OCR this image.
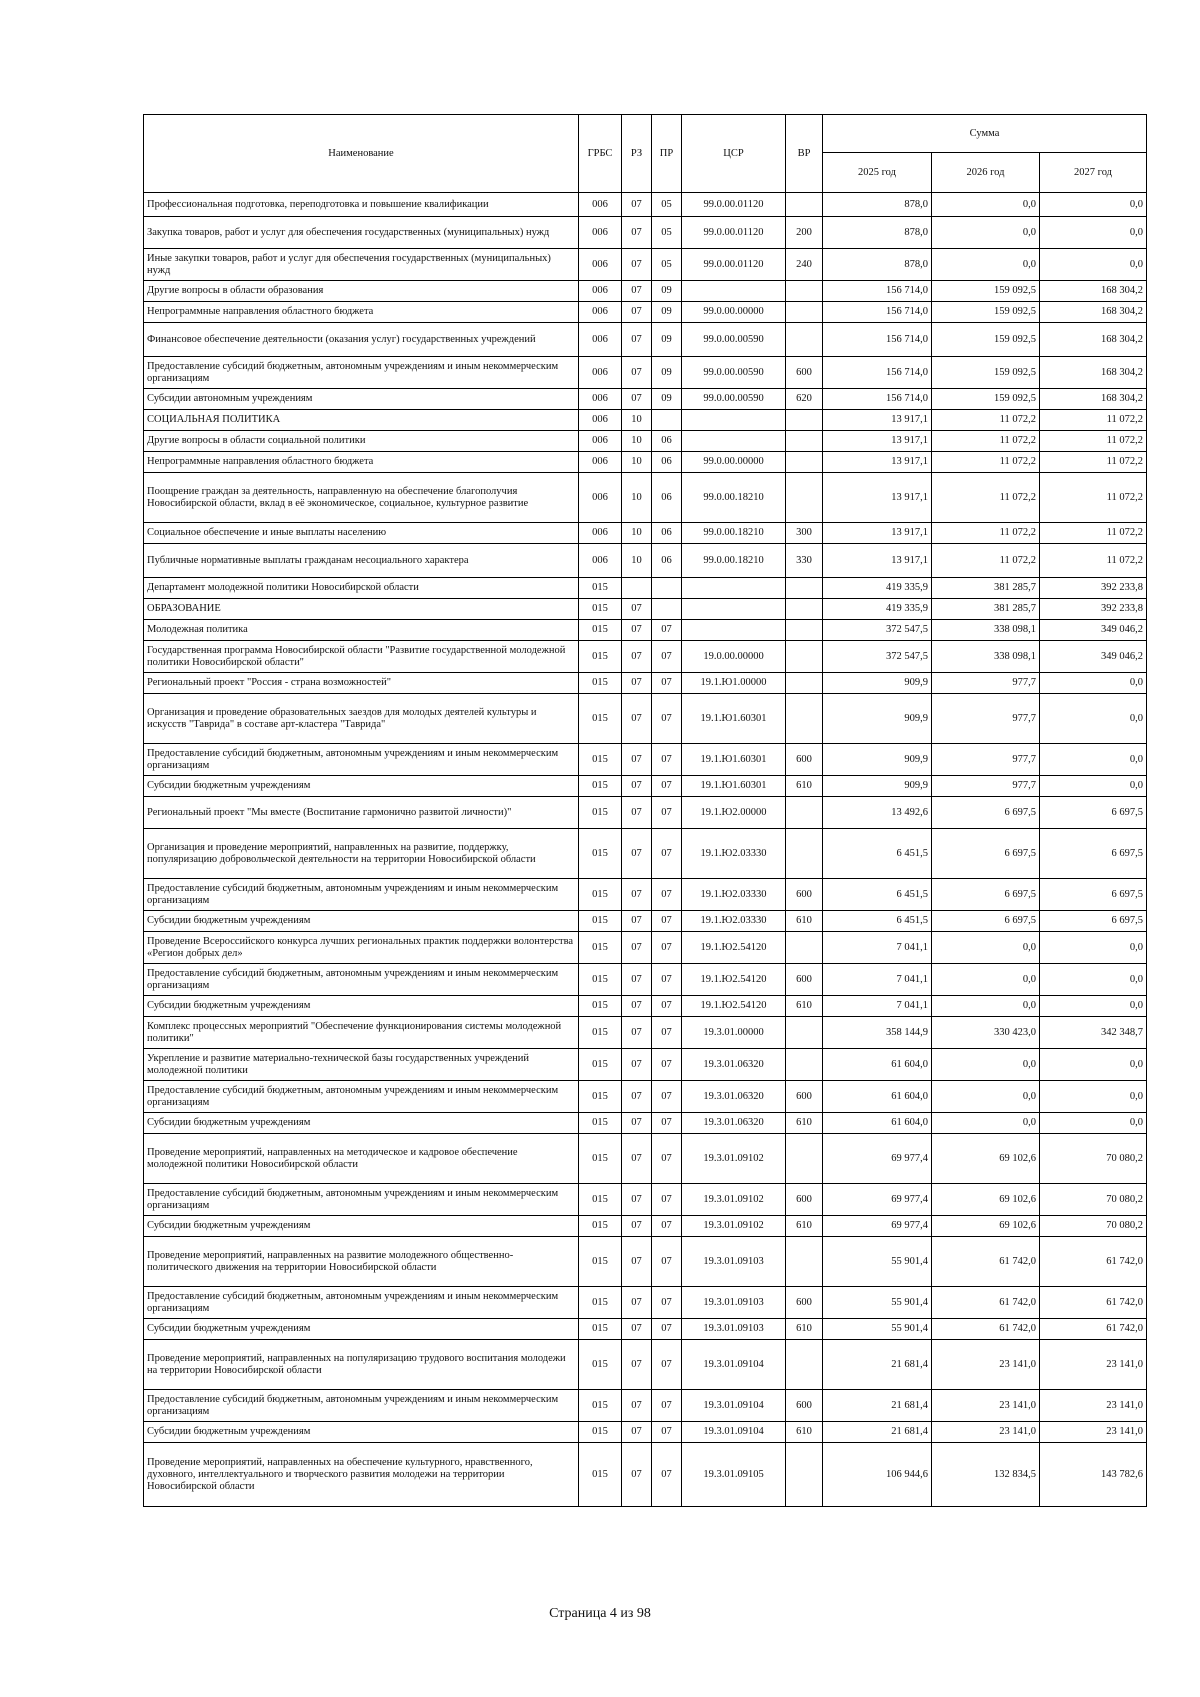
Наименование	ГРБС	РЗ	ПР	ЦСР	ВР	Сумма		
						2025 год	2026 год	2027 год
Профессиональная подготовка, переподготовка и повышение квалификации	006	07	05	99.0.00.01120		878,0	0,0	0,0
Закупка товаров, работ и услуг для обеспечения государственных (муниципальных) нужд	006	07	05	99.0.00.01120	200	878,0	0,0	0,0
Иные закупки товаров, работ и услуг для обеспечения государственных (муниципальных) нужд	006	07	05	99.0.00.01120	240	878,0	0,0	0,0
Другие вопросы в области образования	006	07	09			156 714,0	159 092,5	168 304,2
Непрограммные направления областного бюджета	006	07	09	99.0.00.00000		156 714,0	159 092,5	168 304,2
Финансовое обеспечение деятельности (оказания услуг) государственных учреждений	006	07	09	99.0.00.00590		156 714,0	159 092,5	168 304,2
Предоставление субсидий бюджетным, автономным учреждениям и иным некоммерческим организациям	006	07	09	99.0.00.00590	600	156 714,0	159 092,5	168 304,2
Субсидии автономным учреждениям	006	07	09	99.0.00.00590	620	156 714,0	159 092,5	168 304,2
СОЦИАЛЬНАЯ ПОЛИТИКА	006	10				13 917,1	11 072,2	11 072,2
Другие вопросы в области социальной политики	006	10	06			13 917,1	11 072,2	11 072,2
Непрограммные направления областного бюджета	006	10	06	99.0.00.00000		13 917,1	11 072,2	11 072,2
Поощрение граждан за деятельность, направленную на обеспечение благополучия Новосибирской области, вклад в её экономическое, социальное, культурное развитие	006	10	06	99.0.00.18210		13 917,1	11 072,2	11 072,2
Социальное обеспечение и иные выплаты населению	006	10	06	99.0.00.18210	300	13 917,1	11 072,2	11 072,2
Публичные нормативные выплаты гражданам несоциального характера	006	10	06	99.0.00.18210	330	13 917,1	11 072,2	11 072,2
Департамент молодежной политики Новосибирской области	015					419 335,9	381 285,7	392 233,8
ОБРАЗОВАНИЕ	015	07				419 335,9	381 285,7	392 233,8
Молодежная политика	015	07	07			372 547,5	338 098,1	349 046,2
Государственная программа Новосибирской области "Развитие государственной молодежной политики Новосибирской области"	015	07	07	19.0.00.00000		372 547,5	338 098,1	349 046,2
Региональный проект "Россия - страна возможностей"	015	07	07	19.1.Ю1.00000		909,9	977,7	0,0
Организация и проведение образовательных заездов для молодых деятелей культуры и искусств "Таврида" в составе арт-кластера "Таврида"	015	07	07	19.1.Ю1.60301		909,9	977,7	0,0
Предоставление субсидий бюджетным, автономным учреждениям и иным некоммерческим организациям	015	07	07	19.1.Ю1.60301	600	909,9	977,7	0,0
Субсидии бюджетным учреждениям	015	07	07	19.1.Ю1.60301	610	909,9	977,7	0,0
Региональный проект "Мы вместе (Воспитание гармонично развитой личности)"	015	07	07	19.1.Ю2.00000		13 492,6	6 697,5	6 697,5
Организация и проведение мероприятий, направленных на развитие, поддержку, популяризацию добровольческой деятельности на территории Новосибирской области	015	07	07	19.1.Ю2.03330		6 451,5	6 697,5	6 697,5
Предоставление субсидий бюджетным, автономным учреждениям и иным некоммерческим организациям	015	07	07	19.1.Ю2.03330	600	6 451,5	6 697,5	6 697,5
Субсидии бюджетным учреждениям	015	07	07	19.1.Ю2.03330	610	6 451,5	6 697,5	6 697,5
Проведение Всероссийского конкурса лучших региональных практик поддержки волонтерства «Регион добрых дел»	015	07	07	19.1.Ю2.54120		7 041,1	0,0	0,0
Предоставление субсидий бюджетным, автономным учреждениям и иным некоммерческим организациям	015	07	07	19.1.Ю2.54120	600	7 041,1	0,0	0,0
Субсидии бюджетным учреждениям	015	07	07	19.1.Ю2.54120	610	7 041,1	0,0	0,0
Комплекс процессных мероприятий "Обеспечение функционирования системы молодежной политики"	015	07	07	19.3.01.00000		358 144,9	330 423,0	342 348,7
Укрепление и развитие материально-технической базы государственных учреждений молодежной политики	015	07	07	19.3.01.06320		61 604,0	0,0	0,0
Предоставление субсидий бюджетным, автономным учреждениям и иным некоммерческим организациям	015	07	07	19.3.01.06320	600	61 604,0	0,0	0,0
Субсидии бюджетным учреждениям	015	07	07	19.3.01.06320	610	61 604,0	0,0	0,0
Проведение мероприятий, направленных на методическое и кадровое обеспечение молодежной политики Новосибирской области	015	07	07	19.3.01.09102		69 977,4	69 102,6	70 080,2
Предоставление субсидий бюджетным, автономным учреждениям и иным некоммерческим организациям	015	07	07	19.3.01.09102	600	69 977,4	69 102,6	70 080,2
Субсидии бюджетным учреждениям	015	07	07	19.3.01.09102	610	69 977,4	69 102,6	70 080,2
Проведение мероприятий, направленных на развитие молодежного общественно-политического движения на территории Новосибирской области	015	07	07	19.3.01.09103		55 901,4	61 742,0	61 742,0
Предоставление субсидий бюджетным, автономным учреждениям и иным некоммерческим организациям	015	07	07	19.3.01.09103	600	55 901,4	61 742,0	61 742,0
Субсидии бюджетным учреждениям	015	07	07	19.3.01.09103	610	55 901,4	61 742,0	61 742,0
Проведение мероприятий, направленных на популяризацию трудового воспитания молодежи на территории Новосибирской области	015	07	07	19.3.01.09104		21 681,4	23 141,0	23 141,0
Предоставление субсидий бюджетным, автономным учреждениям и иным некоммерческим организациям	015	07	07	19.3.01.09104	600	21 681,4	23 141,0	23 141,0
Субсидии бюджетным учреждениям	015	07	07	19.3.01.09104	610	21 681,4	23 141,0	23 141,0
Проведение мероприятий, направленных на обеспечение культурного, нравственного, духовного, интеллектуального и творческого развития молодежи на территории Новосибирской области	015	07	07	19.3.01.09105		106 944,6	132 834,5	143 782,6
Страница 4 из 98
